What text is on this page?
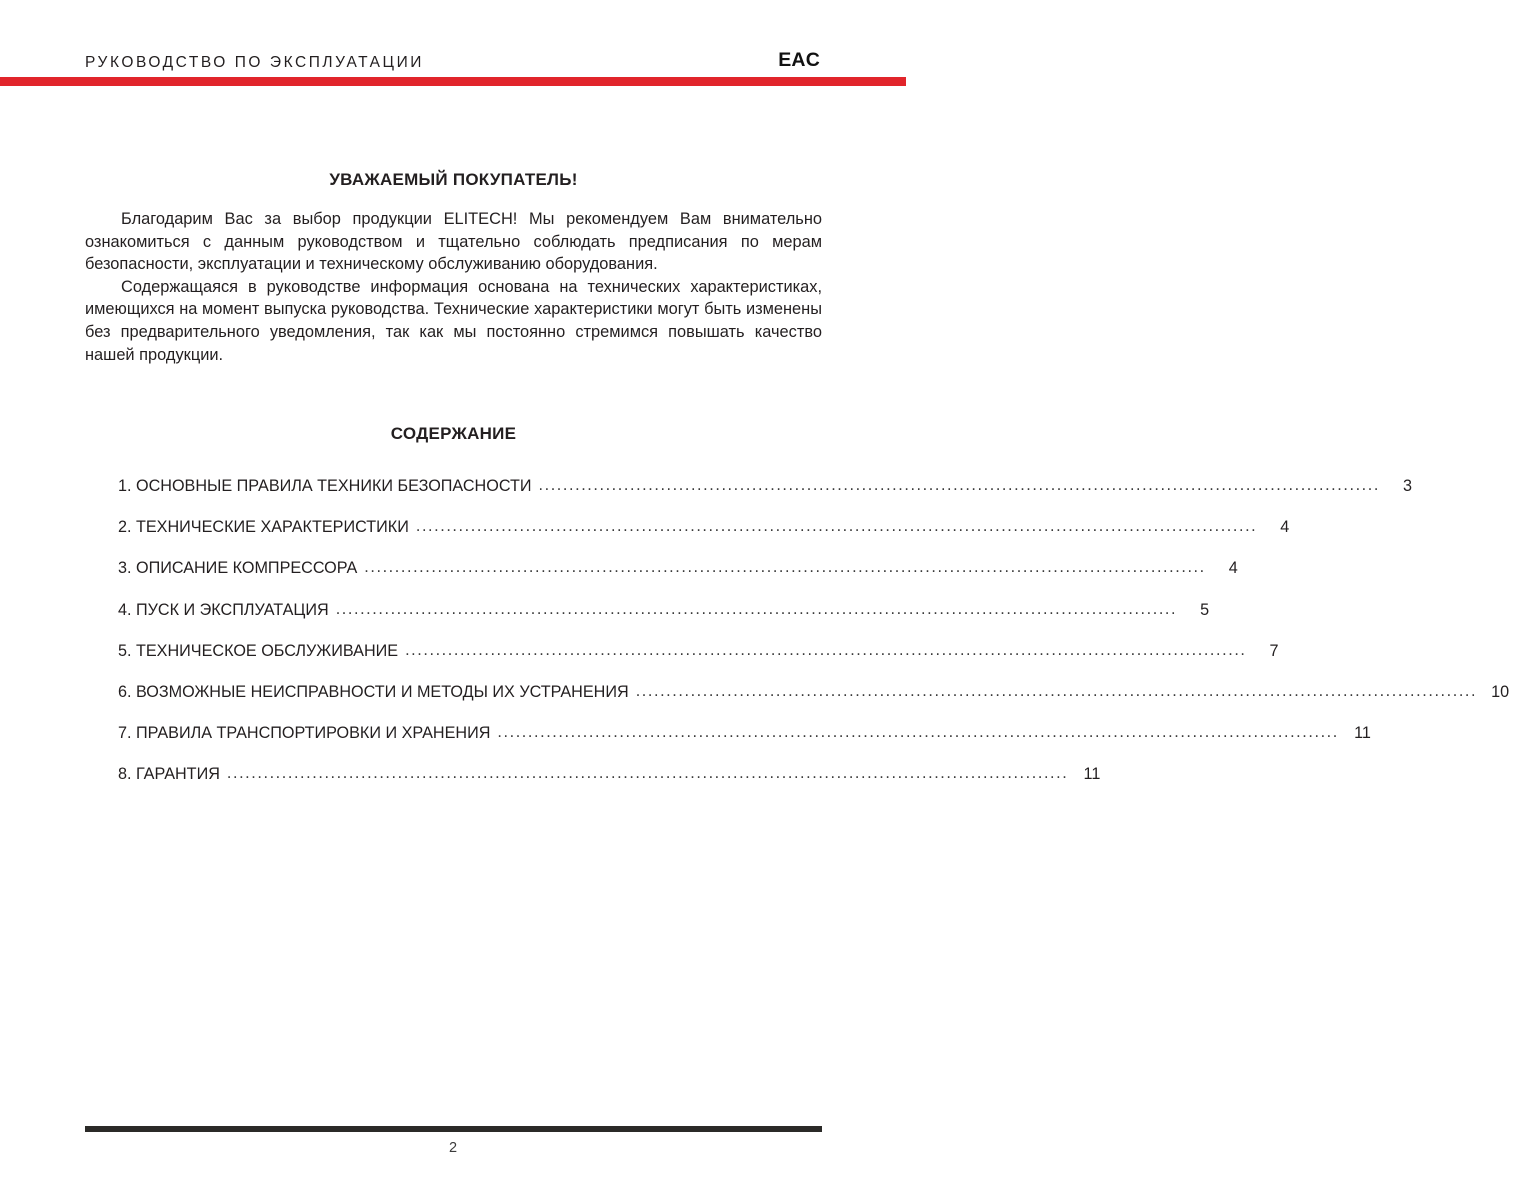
РУКОВОДСТВО ПО ЭКСПЛУАТАЦИИ	EAC
УВАЖАЕМЫЙ ПОКУПАТЕЛЬ!

Благодарим Вас за выбор продукции ELITECH! Мы рекомендуем Вам внимательно ознакомиться с данным руководством и тщательно соблюдать предписания по мерам безопасности, эксплуатации и техническому обслуживанию оборудования.

Содержащаяся в руководстве информация основана на технических характеристиках, имеющихся на момент выпуска руководства. Технические характеристики могут быть изменены без предварительного уведомления, так как мы постоянно стремимся повышать качество нашей продукции.

СОДЕРЖАНИЕ
1. ОСНОВНЫЕ ПРАВИЛА ТЕХНИКИ БЕЗОПАСНОСТИ ..........................................................................................................................................	3
2. ТЕХНИЧЕСКИЕ ХАРАКТЕРИСТИКИ ..........................................................................................................................................	4
3. ОПИСАНИЕ КОМПРЕССОРА ..........................................................................................................................................	4
4. ПУСК И ЭКСПЛУАТАЦИЯ ..........................................................................................................................................	5
5. ТЕХНИЧЕСКОЕ ОБСЛУЖИВАНИЕ ..........................................................................................................................................	7
6. ВОЗМОЖНЫЕ НЕИСПРАВНОСТИ И МЕТОДЫ ИХ УСТРАНЕНИЯ .......................................................................................................................................... 10
7. ПРАВИЛА ТРАНСПОРТИРОВКИ И ХРАНЕНИЯ .......................................................................................................................................... 11
8. ГАРАНТИЯ .......................................................................................................................................... 11
2
